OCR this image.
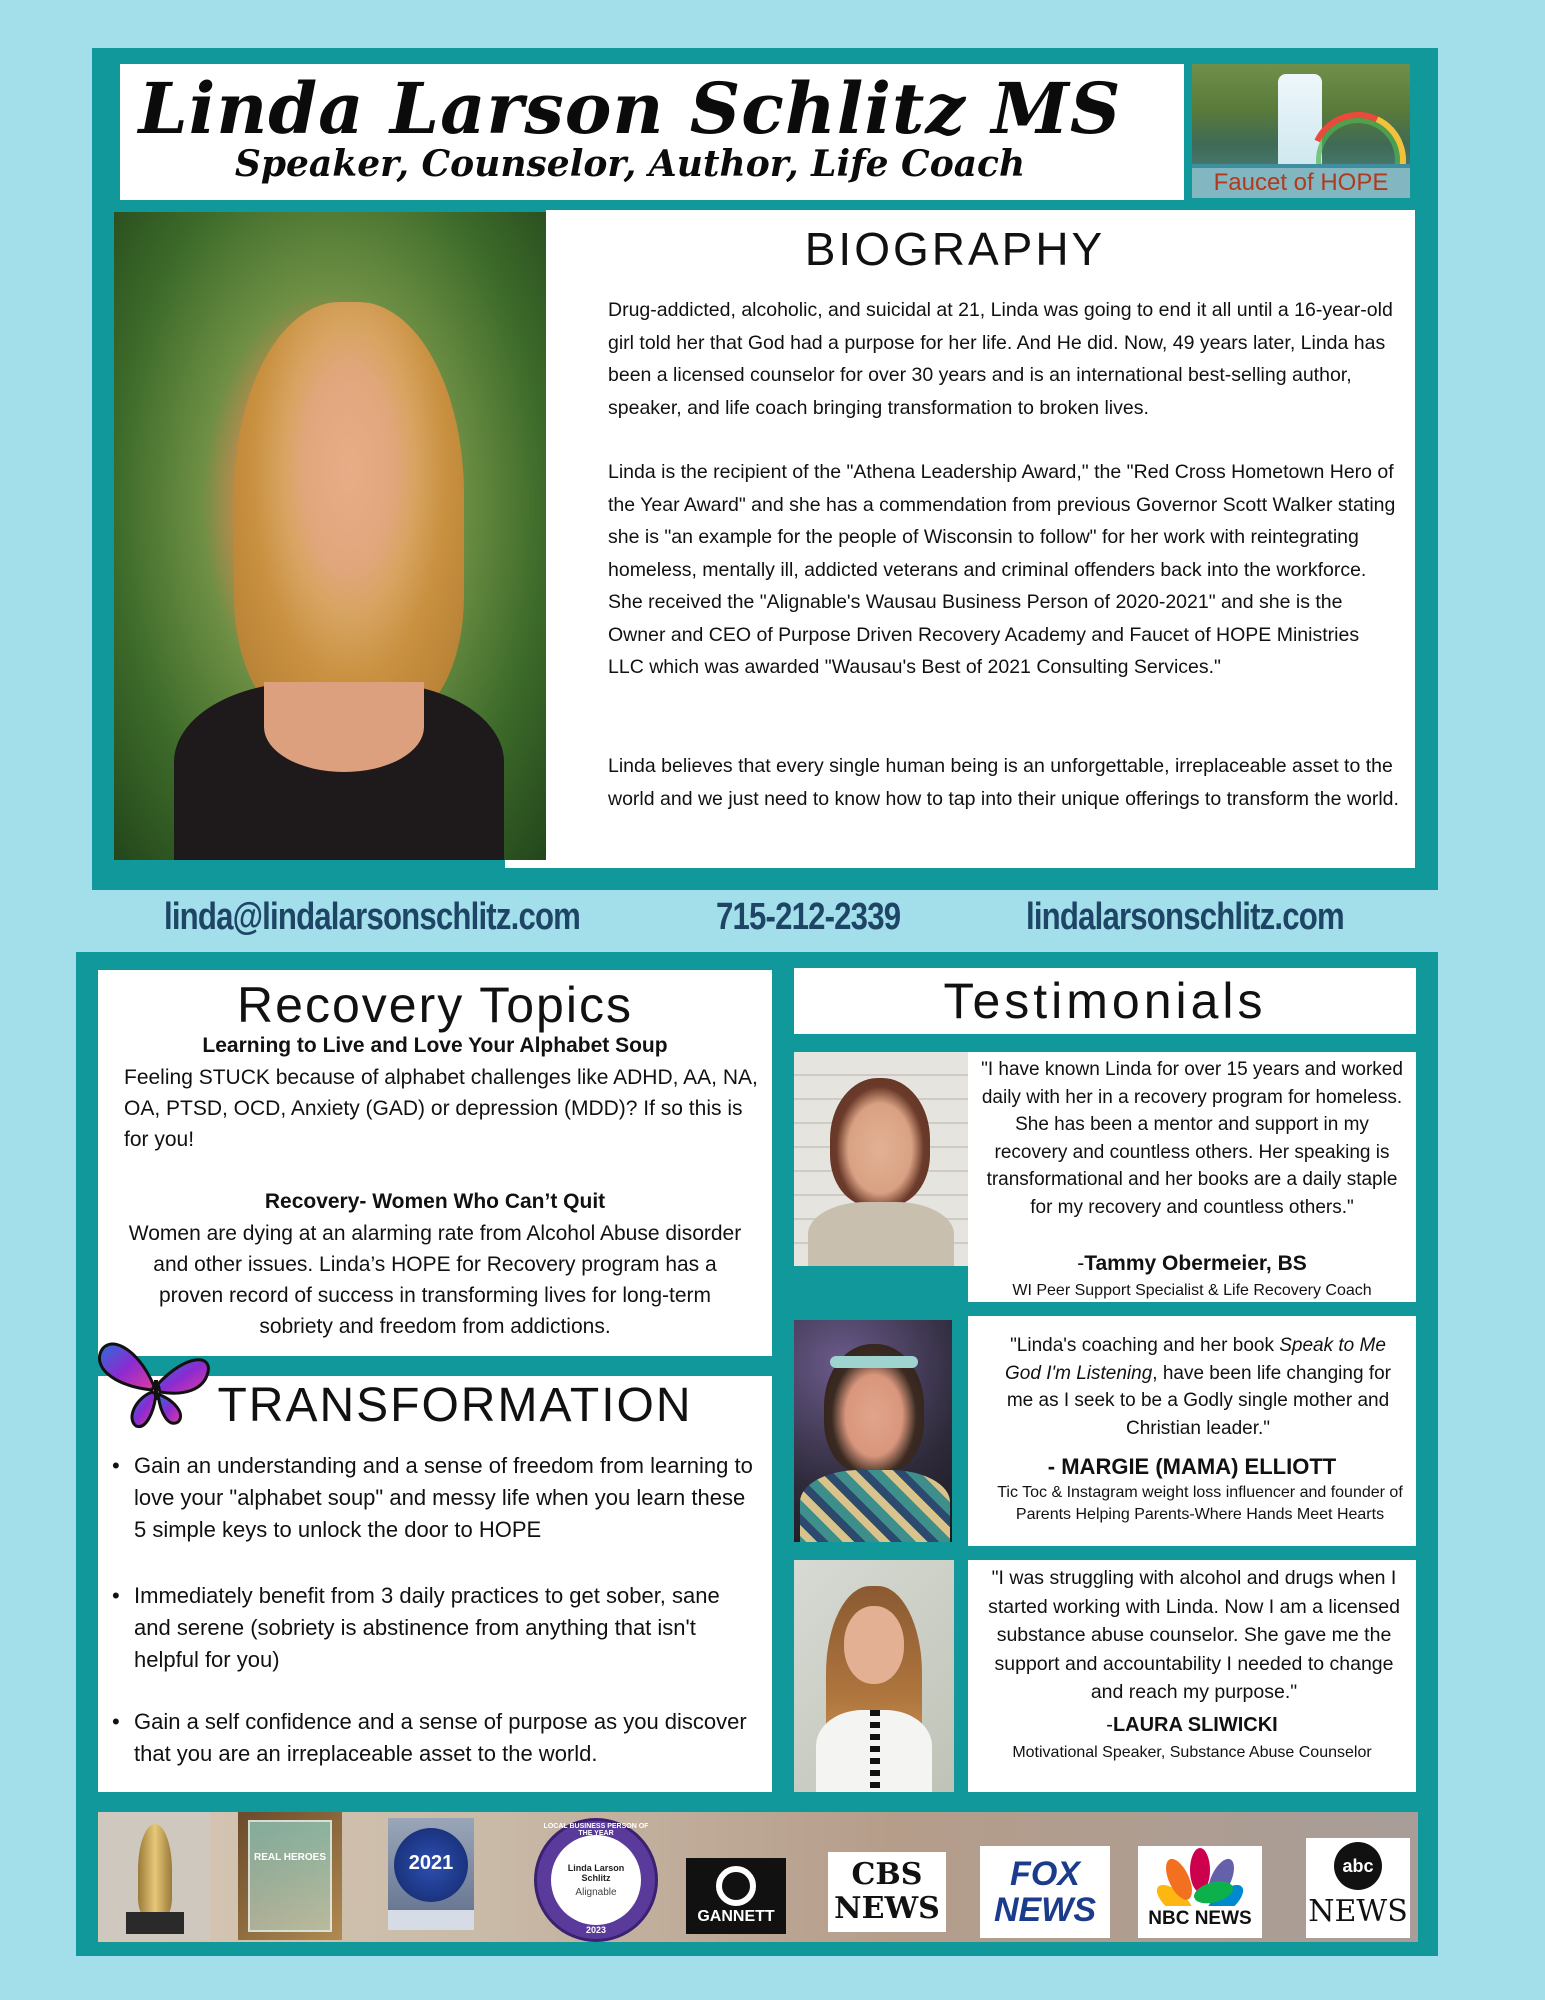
Linda Larson Schlitz MS
Speaker, Counselor, Author, Life Coach	Faucet of HOPE
BIOGRAPHY

Drug-addicted, alcoholic, and suicidal at 21, Linda was going to end it all until a 16-year-old girl told her that God had a purpose for her life. And He did. Now, 49 years later, Linda has been a licensed counselor for over 30 years and is an international best-selling author, speaker, and life coach bringing transformation to broken lives.

Linda is the recipient of the "Athena Leadership Award," the "Red Cross Hometown Hero of the Year Award" and she has a commendation from previous Governor Scott Walker stating she is "an example for the people of Wisconsin to follow" for her work with reintegrating homeless, mentally ill, addicted veterans and criminal offenders back into the workforce. She received the "Alignable's Wausau Business Person of 2020-2021" and she is the Owner and CEO of Purpose Driven Recovery Academy and Faucet of HOPE Ministries LLC which was awarded "Wausau's Best of 2021 Consulting Services."

Linda believes that every single human being is an unforgettable, irreplaceable asset to the world and we just need to know how to tap into their unique offerings to transform the world.

linda@lindalarsonschlitz.com	715-212-2339	lindalarsonschlitz.com
Recovery Topics
Learning to Live and Love Your Alphabet Soup
Feeling STUCK because of alphabet challenges like ADHD, AA, NA, OA, PTSD, OCD, Anxiety (GAD) or depression (MDD)? If so this is for you!
Recovery- Women Who Can’t Quit
Women are dying at an alarming rate from Alcohol Abuse disorder and other issues. Linda’s HOPE for Recovery program has a proven record of success in transforming lives for long-term sobriety and freedom from addictions.
TRANSFORMATION
• Gain an understanding and a sense of freedom from learning to love your "alphabet soup" and messy life when you learn these 5 simple keys to unlock the door to HOPE
• Immediately benefit from 3 daily practices to get sober, sane and serene (sobriety is abstinence from anything that isn't helpful for you)
• Gain a self confidence and a sense of purpose as you discover that you are an irreplaceable asset to the world.
Testimonials
"I have known Linda for over 15 years and worked daily with her in a recovery program for homeless. She has been a mentor and support in my recovery and countless others. Her speaking is transformational and her books are a daily staple for my recovery and countless others."
-Tammy Obermeier, BS
WI Peer Support Specialist & Life Recovery Coach
"Linda's coaching and her book Speak to Me God I'm Listening, have been life changing for me as I seek to be a Godly single mother and Christian leader."
- MARGIE (MAMA) ELLIOTT
Tic Toc & Instagram weight loss influencer and founder of Parents Helping Parents-Where Hands Meet Hearts
"I was struggling with alcohol and drugs when I started working with Linda. Now I am a licensed substance abuse counselor. She gave me the support and accountability I needed to change and reach my purpose."
-LAURA SLIWICKI
Motivational Speaker, Substance Abuse Counselor
REAL HEROES	2021
LOCAL BUSINESS PERSON OF THE YEAR
Linda Larson Schlitz
Alignable
2023
GANNETT
CBS NEWS
FOX NEWS	NBC NEWS
abc
NEWS
